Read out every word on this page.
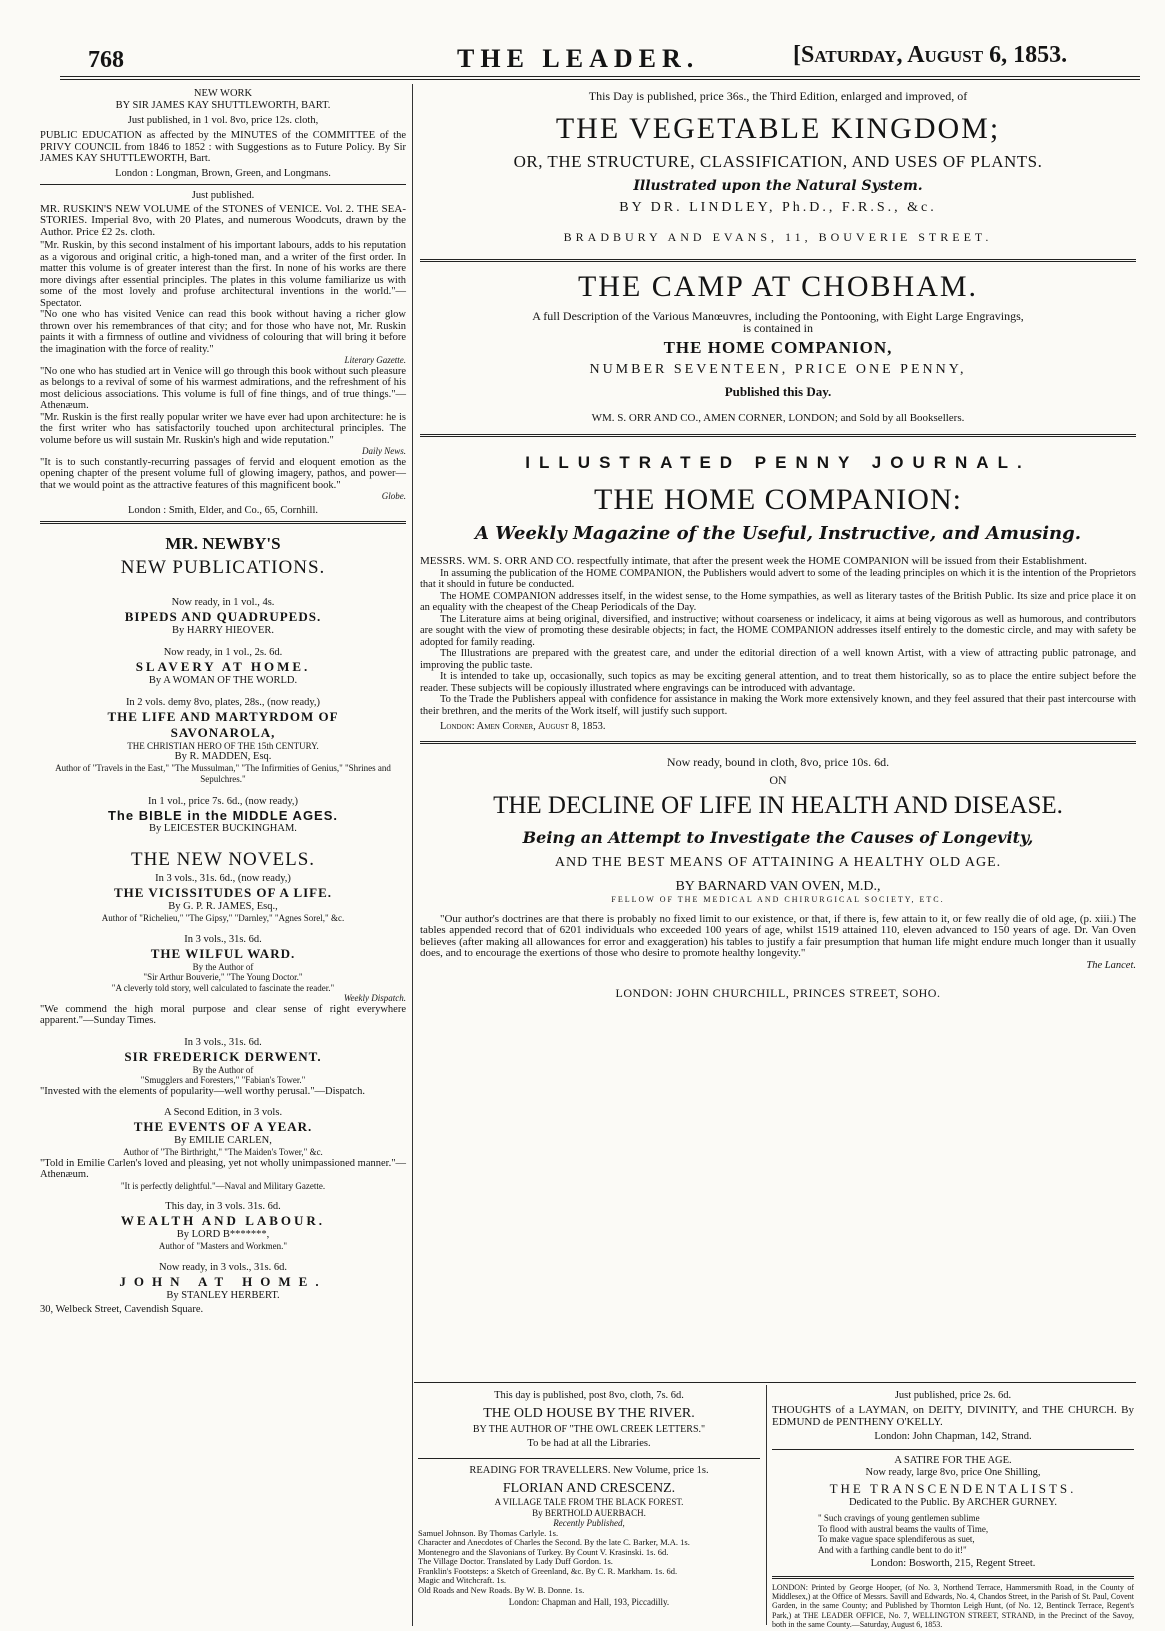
768	THE LEADER.	[Saturday, August 6, 1853.
NEW WORK
BY SIR JAMES KAY SHUTTLEWORTH, BART.
Just published, in 1 vol. 8vo, price 12s. cloth,
PUBLIC EDUCATION as affected by the MINUTES of the COMMITTEE of the PRIVY COUNCIL from 1846 to 1852 : with Suggestions as to Future Policy. By Sir JAMES KAY SHUTTLEWORTH, Bart.
London : Longman, Brown, Green, and Longmans.
Just published.
MR. RUSKIN'S NEW VOLUME of the STONES of VENICE. Vol. 2. THE SEA-STORIES. Imperial 8vo, with 20 Plates, and numerous Woodcuts, drawn by the Author. Price £2 2s. cloth.
"Mr. Ruskin, by this second instalment of his important labours, adds to his reputation as a vigorous and original critic, a high-toned man, and a writer of the first order. In matter this volume is of greater interest than the first. In none of his works are there more divings after essential principles. The plates in this volume familiarize us with some of the most lovely and profuse architectural inventions in the world."—Spectator.
"No one who has visited Venice can read this book without having a richer glow thrown over his remembrances of that city; and for those who have not, Mr. Ruskin paints it with a firmness of outline and vividness of colouring that will bring it before the imagination with the force of reality."
Literary Gazette.
"No one who has studied art in Venice will go through this book without such pleasure as belongs to a revival of some of his warmest admirations, and the refreshment of his most delicious associations. This volume is full of fine things, and of true things."—Athenæum.
"Mr. Ruskin is the first really popular writer we have ever had upon architecture: he is the first writer who has satisfactorily touched upon architectural principles. The volume before us will sustain Mr. Ruskin's high and wide reputation."
Daily News.
"It is to such constantly-recurring passages of fervid and eloquent emotion as the opening chapter of the present volume full of glowing imagery, pathos, and power—that we would point as the attractive features of this magnificent book."
Globe.
London : Smith, Elder, and Co., 65, Cornhill.
MR. NEWBY'S
NEW PUBLICATIONS.
Now ready, in 1 vol., 4s.
BIPEDS AND QUADRUPEDS.
By HARRY HIEOVER.
Now ready, in 1 vol., 2s. 6d.
SLAVERY AT HOME.
By A WOMAN OF THE WORLD.
In 2 vols. demy 8vo, plates, 28s., (now ready,)
THE LIFE AND MARTYRDOM OF
SAVONAROLA,
THE CHRISTIAN HERO OF THE 15th CENTURY.
By R. MADDEN, Esq.
Author of "Travels in the East," "The Mussulman," "The Infirmities of Genius," "Shrines and Sepulchres."
In 1 vol., price 7s. 6d., (now ready,)
The BIBLE in the MIDDLE AGES.
By LEICESTER BUCKINGHAM.
THE NEW NOVELS.
In 3 vols., 31s. 6d., (now ready,)
THE VICISSITUDES OF A LIFE.
By G. P. R. JAMES, Esq.,
Author of "Richelieu," "The Gipsy," "Darnley," "Agnes Sorel," &c.
In 3 vols., 31s. 6d.
THE WILFUL WARD.
By the Author of
"Sir Arthur Bouverie," "The Young Doctor."
"A cleverly told story, well calculated to fascinate the reader."
Weekly Dispatch.
"We commend the high moral purpose and clear sense of right everywhere apparent."—Sunday Times.
In 3 vols., 31s. 6d.
SIR FREDERICK DERWENT.
By the Author of
"Smugglers and Foresters," "Fabian's Tower."
"Invested with the elements of popularity—well worthy perusal."—Dispatch.
A Second Edition, in 3 vols.
THE EVENTS OF A YEAR.
By EMILIE CARLEN,
Author of "The Birthright," "The Maiden's Tower," &c.
"Told in Emilie Carlen's loved and pleasing, yet not wholly unimpassioned manner."—Athenæum.
"It is perfectly delightful."—Naval and Military Gazette.
This day, in 3 vols. 31s. 6d.
WEALTH AND LABOUR.
By LORD B*******,
Author of "Masters and Workmen."
Now ready, in 3 vols., 31s. 6d.
JOHN AT HOME.
By STANLEY HERBERT.
30, Welbeck Street, Cavendish Square.
This Day is published, price 36s., the Third Edition, enlarged and improved, of
THE VEGETABLE KINGDOM;
OR, THE STRUCTURE, CLASSIFICATION, AND USES OF PLANTS.
Illustrated upon the Natural System.
BY DR. LINDLEY, Ph.D., F.R.S., &c.
BRADBURY AND EVANS, 11, BOUVERIE STREET.
THE CAMP AT CHOBHAM.
A full Description of the Various Manœuvres, including the Pontooning, with Eight Large Engravings,
is contained in
THE HOME COMPANION,
NUMBER SEVENTEEN, PRICE ONE PENNY,
Published this Day.
WM. S. ORR AND CO., AMEN CORNER, LONDON; and Sold by all Booksellers.
ILLUSTRATED PENNY JOURNAL.
THE HOME COMPANION:
A Weekly Magazine of the Useful, Instructive, and Amusing.
MESSRS. WM. S. ORR AND CO. respectfully intimate, that after the present week the HOME COMPANION will be issued from their Establishment.
In assuming the publication of the HOME COMPANION, the Publishers would advert to some of the leading principles on which it is the intention of the Proprietors that it should in future be conducted.
The HOME COMPANION addresses itself, in the widest sense, to the Home sympathies, as well as literary tastes of the British Public. Its size and price place it on an equality with the cheapest of the Cheap Periodicals of the Day.
The Literature aims at being original, diversified, and instructive; without coarseness or indelicacy, it aims at being vigorous as well as humorous, and contributors are sought with the view of promoting these desirable objects; in fact, the HOME COMPANION addresses itself entirely to the domestic circle, and may with safety be adopted for family reading.
The Illustrations are prepared with the greatest care, and under the editorial direction of a well known Artist, with a view of attracting public patronage, and improving the public taste.
It is intended to take up, occasionally, such topics as may be exciting general attention, and to treat them historically, so as to place the entire subject before the reader. These subjects will be copiously illustrated where engravings can be introduced with advantage.
To the Trade the Publishers appeal with confidence for assistance in making the Work more extensively known, and they feel assured that their past intercourse with their brethren, and the merits of the Work itself, will justify such support.
London: Amen Corner, August 8, 1853.
Now ready, bound in cloth, 8vo, price 10s. 6d.
ON
THE DECLINE OF LIFE IN HEALTH AND DISEASE.
Being an Attempt to Investigate the Causes of Longevity,
AND THE BEST MEANS OF ATTAINING A HEALTHY OLD AGE.
BY BARNARD VAN OVEN, M.D.,
FELLOW OF THE MEDICAL AND CHIRURGICAL SOCIETY, ETC.
"Our author's doctrines are that there is probably no fixed limit to our existence, or that, if there is, few attain to it, or few really die of old age, (p. xiii.) The tables appended record that of 6201 individuals who exceeded 100 years of age, whilst 1519 attained 110, eleven advanced to 150 years of age. Dr. Van Oven believes (after making all allowances for error and exaggeration) his tables to justify a fair presumption that human life might endure much longer than it usually does, and to encourage the exertions of those who desire to promote healthy longevity."
The Lancet.
LONDON: JOHN CHURCHILL, PRINCES STREET, SOHO.
This day is published, post 8vo, cloth, 7s. 6d.
THE OLD HOUSE BY THE RIVER.
BY THE AUTHOR OF "THE OWL CREEK LETTERS."
To be had at all the Libraries.
READING FOR TRAVELLERS. New Volume, price 1s.
FLORIAN AND CRESCENZ.
A VILLAGE TALE FROM THE BLACK FOREST.
By BERTHOLD AUERBACH.
Recently Published,
Samuel Johnson. By Thomas Carlyle. 1s.
Character and Anecdotes of Charles the Second. By the late C. Barker, M.A. 1s.
Montenegro and the Slavonians of Turkey. By Count V. Krasinski. 1s. 6d.
The Village Doctor. Translated by Lady Duff Gordon. 1s.
Franklin's Footsteps: a Sketch of Greenland, &c. By C. R. Markham. 1s. 6d.
Magic and Witchcraft. 1s.
Old Roads and New Roads. By W. B. Donne. 1s.
London: Chapman and Hall, 193, Piccadilly.
Just published, price 2s. 6d.
THOUGHTS of a LAYMAN, on DEITY, DIVINITY, and THE CHURCH. By EDMUND de PENTHENY O'KELLY.
London: John Chapman, 142, Strand.
A SATIRE FOR THE AGE.
Now ready, large 8vo, price One Shilling,
THE TRANSCENDENTALISTS.
Dedicated to the Public. By ARCHER GURNEY.
" Such cravings of young gentlemen sublime
To flood with austral beams the vaults of Time,
To make vague space splendiferous as suet,
And with a farthing candle bent to do it!"
London: Bosworth, 215, Regent Street.
LONDON: Printed by George Hooper, (of No. 3, Northend Terrace, Hammersmith Road, in the County of Middlesex,) at the Office of Messrs. Savill and Edwards, No. 4, Chandos Street, in the Parish of St. Paul, Covent Garden, in the same County; and Published by Thornton Leigh Hunt, (of No. 12, Bentinck Terrace, Regent's Park,) at THE LEADER OFFICE, No. 7, WELLINGTON STREET, STRAND, in the Precinct of the Savoy, both in the same County.—Saturday, August 6, 1853.
